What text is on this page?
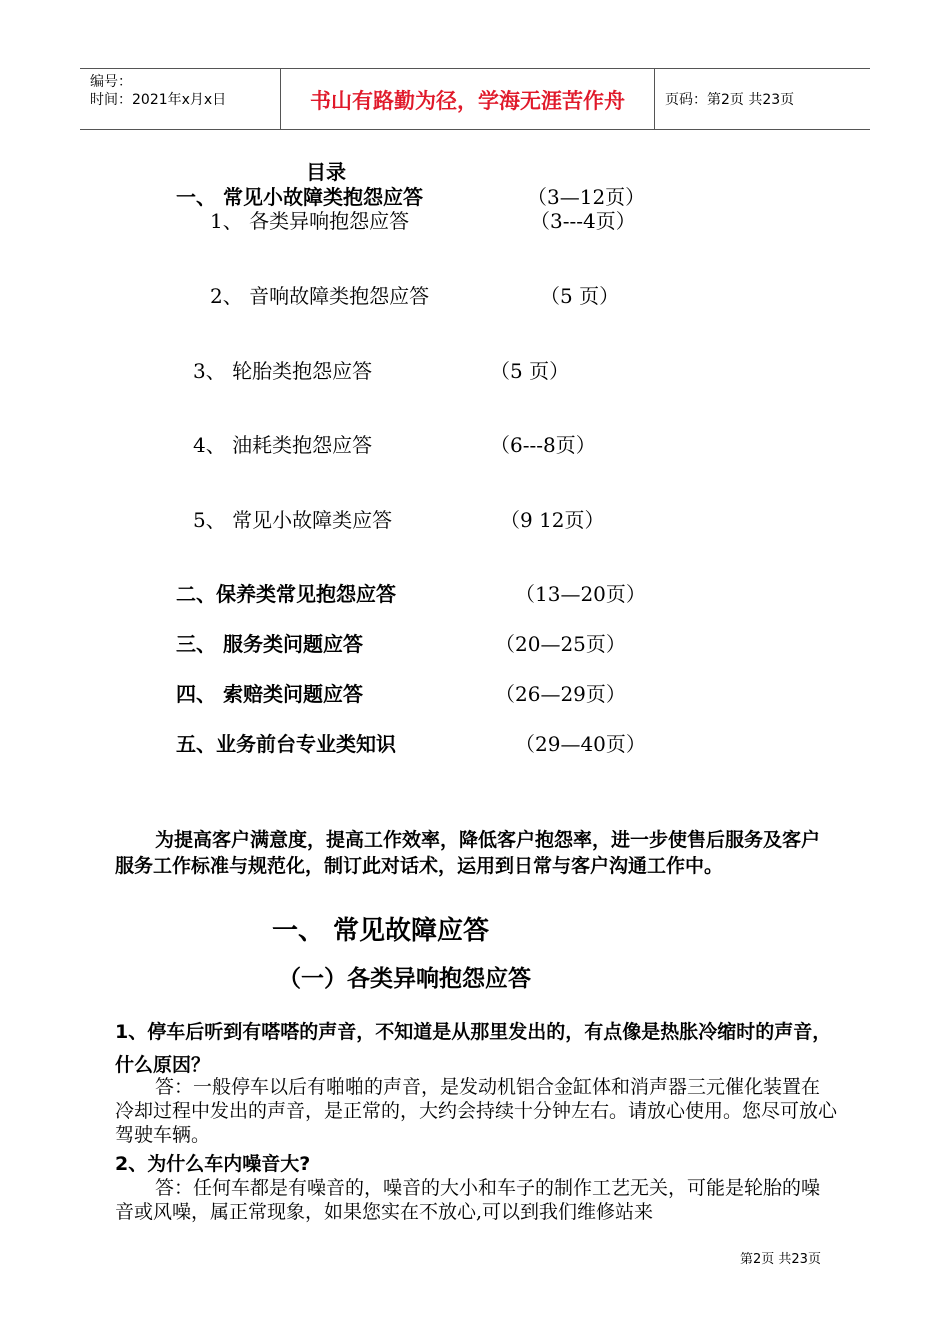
编号：
时间：2021年x月x日	书山有路勤为径，学海无涯苦作舟	页码：第2页 共23页
目录
一、 常见小故障类抱怨应答	（3—12页）
1、 各类异响抱怨应答	（3---4页）
2、 音响故障类抱怨应答	（5 页）
3、 轮胎类抱怨应答	（5 页）
4、 油耗类抱怨应答	（6---8页）
5、 常见小故障类应答	（9 12页）
二、保养类常见抱怨应答	（13—20页）
三、 服务类问题应答	（20—25页）
四、 索赔类问题应答	（26—29页）
五、业务前台专业类知识	（29—40页）
为提高客户满意度，提高工作效率，降低客户抱怨率，进一步使售后服务及客户服务工作标准与规范化，制订此对话术，运用到日常与客户沟通工作中。
一、 常见故障应答
（一）各类异响抱怨应答
1、停车后听到有嗒嗒的声音，不知道是从那里发出的，有点像是热胀冷缩时的声音，什么原因？
答：一般停车以后有啪啪的声音，是发动机铝合金缸体和消声器三元催化装置在冷却过程中发出的声音，是正常的，大约会持续十分钟左右。请放心使用。您尽可放心驾驶车辆。
2、为什么车内噪音大?
答：任何车都是有噪音的，噪音的大小和车子的制作工艺无关，可能是轮胎的噪音或风噪，属正常现象，如果您实在不放心,可以到我们维修站来
第2页 共23页
